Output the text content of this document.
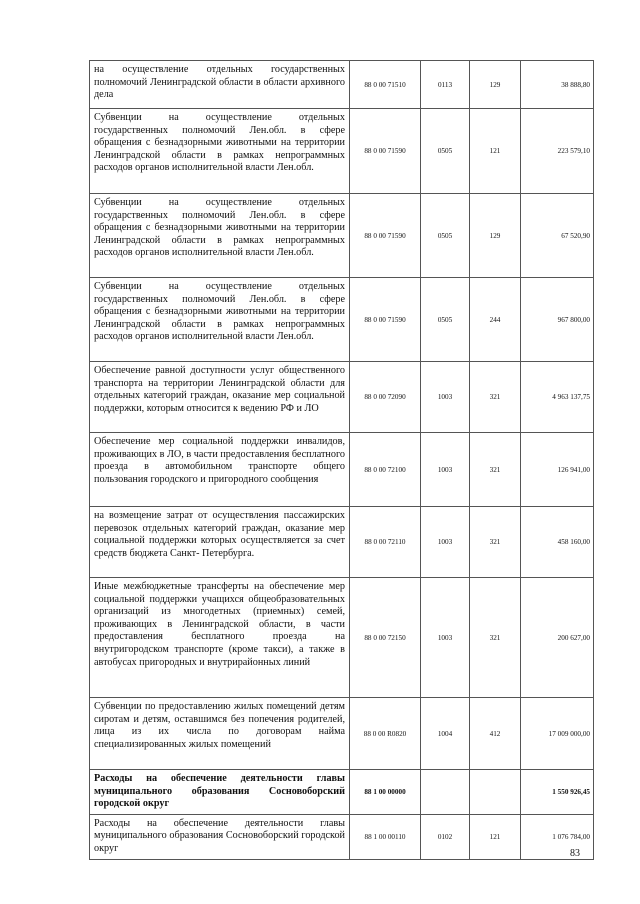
на осуществление отдельных государственных полномочий Ленинградской области в области архивного дела	88 0 00 71510	0113	129	38 888,80
Субвенции на осуществление отдельных государственных полномочий Лен.обл. в сфере обращения с безнадзорными животными на территории Ленинградской области в рамках непрограммных расходов органов исполнительной власти Лен.обл.	88 0 00 71590	0505	121	223 579,10
Субвенции на осуществление отдельных государственных полномочий Лен.обл. в сфере обращения с безнадзорными животными на территории Ленинградской области в рамках непрограммных расходов органов исполнительной власти Лен.обл.	88 0 00 71590	0505	129	67 520,90
Субвенции на осуществление отдельных государственных полномочий Лен.обл. в сфере обращения с безнадзорными животными на территории Ленинградской области в рамках непрограммных расходов органов исполнительной власти Лен.обл.	88 0 00 71590	0505	244	967 800,00
Обеспечение равной доступности услуг общественного транспорта на территории Ленинградской области для отдельных категорий граждан, оказание мер социальной поддержки, которым относится к ведению РФ и ЛО	88 0 00 72090	1003	321	4 963 137,75
Обеспечение мер социальной поддержки инвалидов, проживающих в ЛО, в части предоставления бесплатного проезда в автомобильном транспорте общего пользования городского и пригородного сообщения	88 0 00 72100	1003	321	126 941,00
на возмещение затрат от осуществления пассажирских перевозок отдельных категорий граждан, оказание мер социальной поддержки которых осуществляется за счет средств бюджета Санкт- Петербурга.	88 0 00 72110	1003	321	458 160,00
Иные межбюджетные трансферты на обеспечение мер социальной поддержки учащихся общеобразовательных организаций из многодетных (приемных) семей, проживающих в Ленинградской области, в части предоставления бесплатного проезда на внутригородском транспорте (кроме такси), а также в автобусах пригородных и внутрирайонных линий	88 0 00 72150	1003	321	200 627,00
Субвенции по предоставлению жилых помещений детям сиротам и детям, оставшимся без попечения родителей, лица из их числа по договорам найма специализированных жилых помещений	88 0 00 R0820	1004	412	17 009 000,00
Расходы на обеспечение деятельности главы муниципального образования Сосновоборский городской округ	88 1 00 00000			1 550 926,45
Расходы на обеспечение деятельности главы муниципального образования Сосновоборский городской округ	88 1 00 00110	0102	121	1 076 784,00
83
